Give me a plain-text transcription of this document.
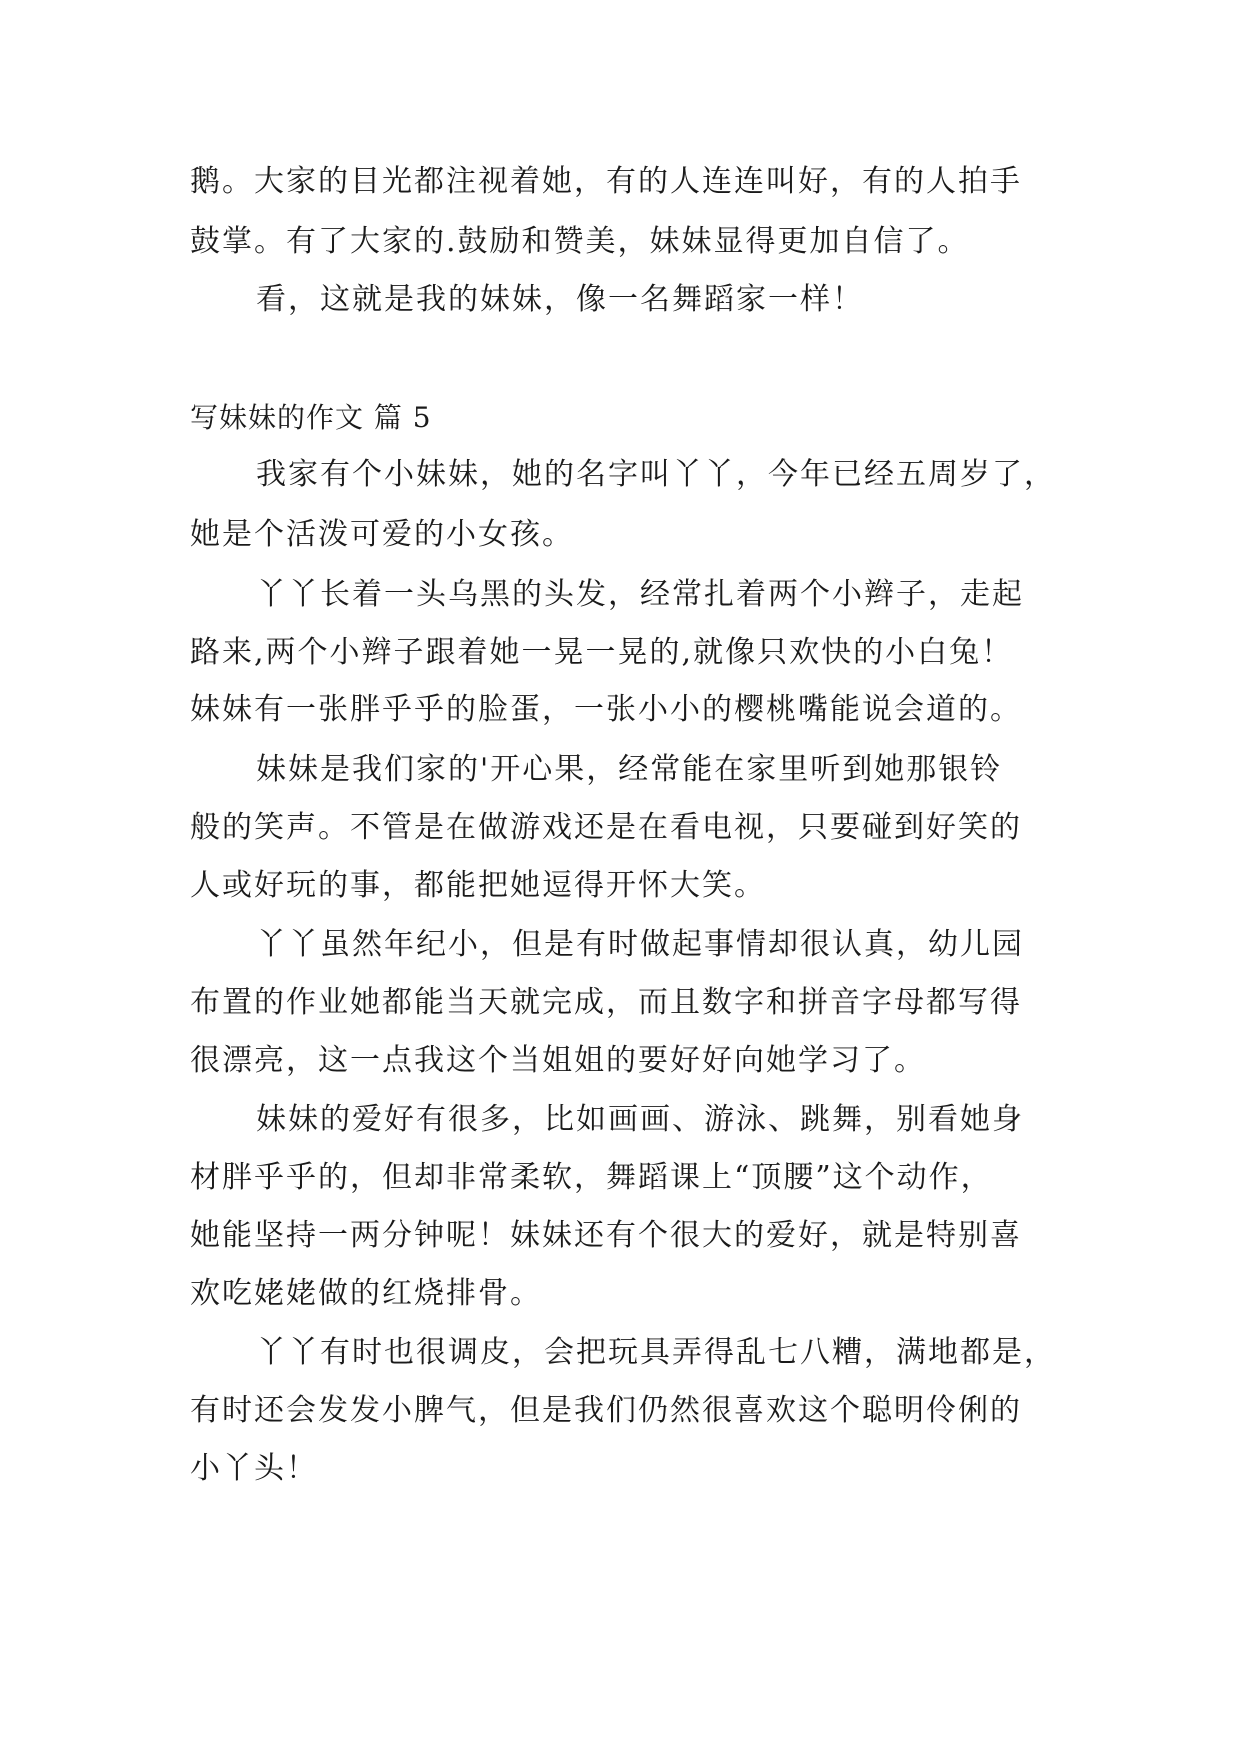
鹅。大家的目光都注视着她，有的人连连叫好，有的人拍手
鼓掌。有了大家的.鼓励和赞美，妹妹显得更加自信了。
看，这就是我的妹妹，像一名舞蹈家一样！
写妹妹的作文 篇 5
我家有个小妹妹，她的名字叫丫丫，今年已经五周岁了，
她是个活泼可爱的小女孩。
丫丫长着一头乌黑的头发，经常扎着两个小辫子，走起
路来,两个小辫子跟着她一晃一晃的,就像只欢快的小白兔！
妹妹有一张胖乎乎的脸蛋，一张小小的樱桃嘴能说会道的。
妹妹是我们家的'开心果，经常能在家里听到她那银铃
般的笑声。不管是在做游戏还是在看电视，只要碰到好笑的
人或好玩的事，都能把她逗得开怀大笑。
丫丫虽然年纪小，但是有时做起事情却很认真，幼儿园
布置的作业她都能当天就完成，而且数字和拼音字母都写得
很漂亮，这一点我这个当姐姐的要好好向她学习了。
妹妹的爱好有很多，比如画画、游泳、跳舞，别看她身
材胖乎乎的，但却非常柔软，舞蹈课上“顶腰”这个动作，
她能坚持一两分钟呢！妹妹还有个很大的爱好，就是特别喜
欢吃姥姥做的红烧排骨。
丫丫有时也很调皮，会把玩具弄得乱七八糟，满地都是，
有时还会发发小脾气，但是我们仍然很喜欢这个聪明伶俐的
小丫头！
